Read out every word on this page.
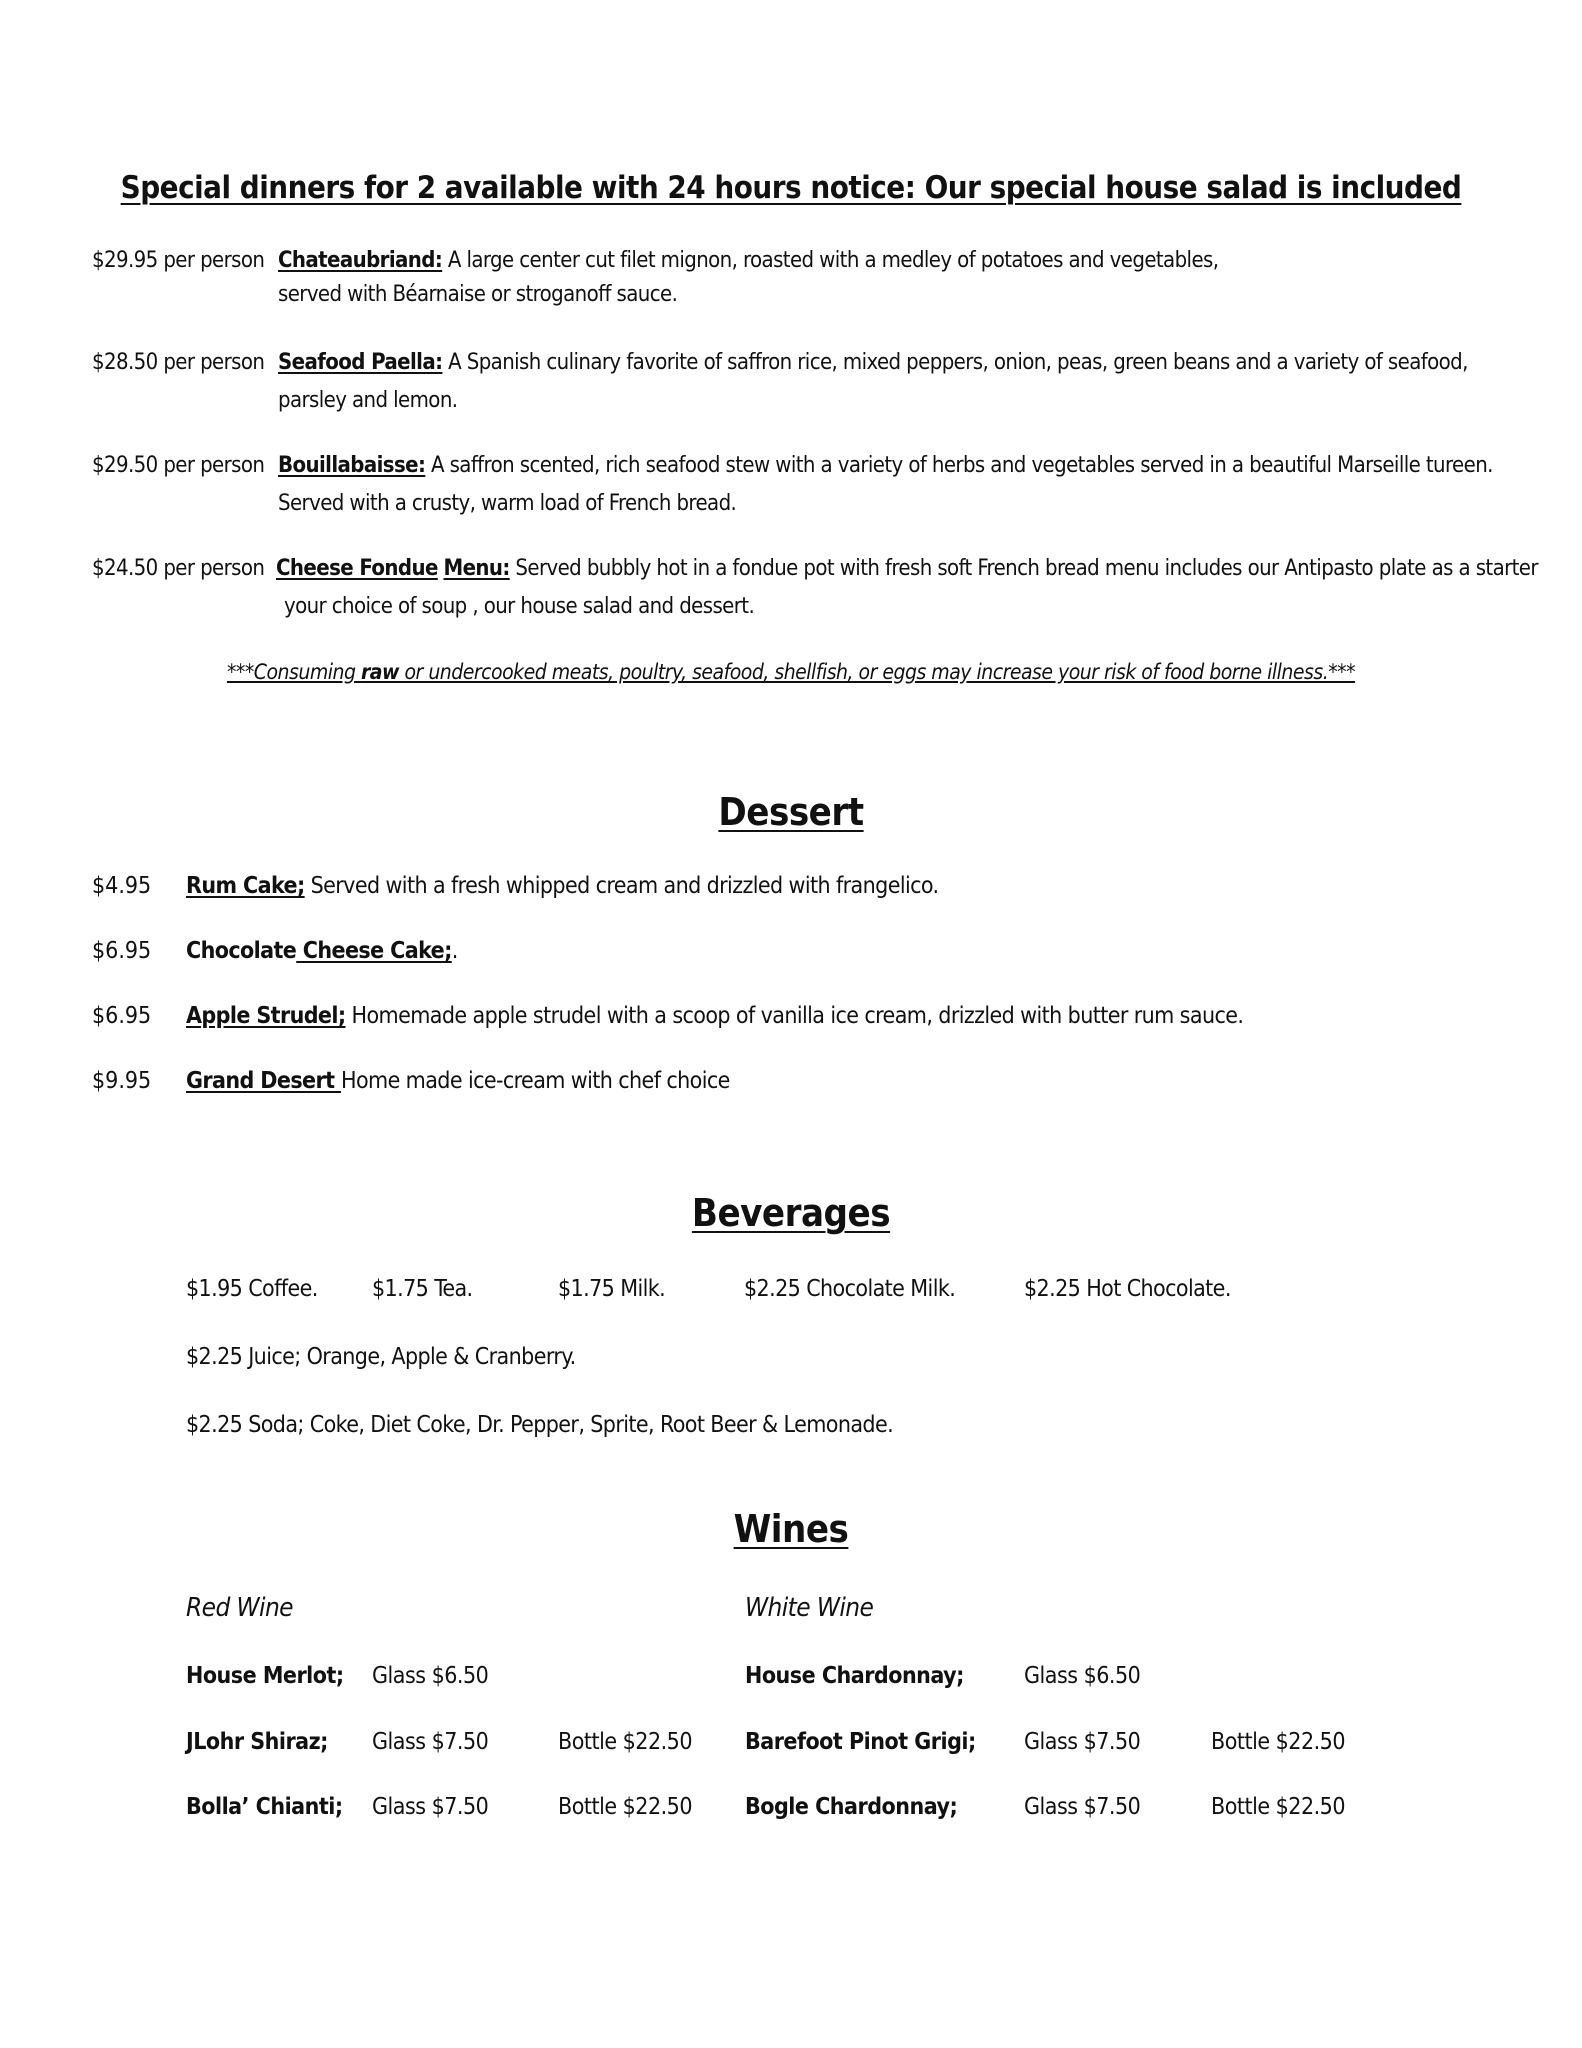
Special dinners for 2 available with 24 hours notice: Our special house salad is included
$29.95 per person Chateaubriand: A large center cut filet mignon, roasted with a medley of potatoes and vegetables,
served with Béarnaise or stroganoff sauce.
$28.50 per person Seafood Paella: A Spanish culinary favorite of saffron rice, mixed peppers, onion, peas, green beans and a variety of seafood,
parsley and lemon.
$29.50 per person Bouillabaisse: A saffron scented, rich seafood stew with a variety of herbs and vegetables served in a beautiful Marseille tureen.
Served with a crusty, warm load of French bread.
$24.50 per person Cheese Fondue Menu: Served bubbly hot in a fondue pot with fresh soft French bread menu includes our Antipasto plate as a starter
your choice of soup , our house salad and dessert.
***Consuming raw or undercooked meats, poultry, seafood, shellfish, or eggs may increase your risk of food borne illness.***
Dessert
$4.95 Rum Cake; Served with a fresh whipped cream and drizzled with frangelico.
$6.95 Chocolate Cheese Cake;.
$6.95 Apple Strudel; Homemade apple strudel with a scoop of vanilla ice cream, drizzled with butter rum sauce.
$9.95 Grand Desert Home made ice-cream with chef choice
Beverages
$1.95 Coffee. $1.75 Tea.	$1.75 Milk.	$2.25 Chocolate Milk.	$2.25 Hot Chocolate.
$2.25 Juice; Orange, Apple & Cranberry.
$2.25 Soda; Coke, Diet Coke, Dr. Pepper, Sprite, Root Beer & Lemonade.
Wines
Red Wine	White Wine
House Merlot; Glass $6.50
JLohr Shiraz; Glass $7.50	Bottle $22.50
Bolla’ Chianti; Glass $7.50	Bottle $22.50
House Chardonnay;	Glass $6.50
Barefoot Pinot Grigi; Glass $7.50	Bottle $22.50
Bogle Chardonnay;	Glass $7.50	Bottle $22.50
